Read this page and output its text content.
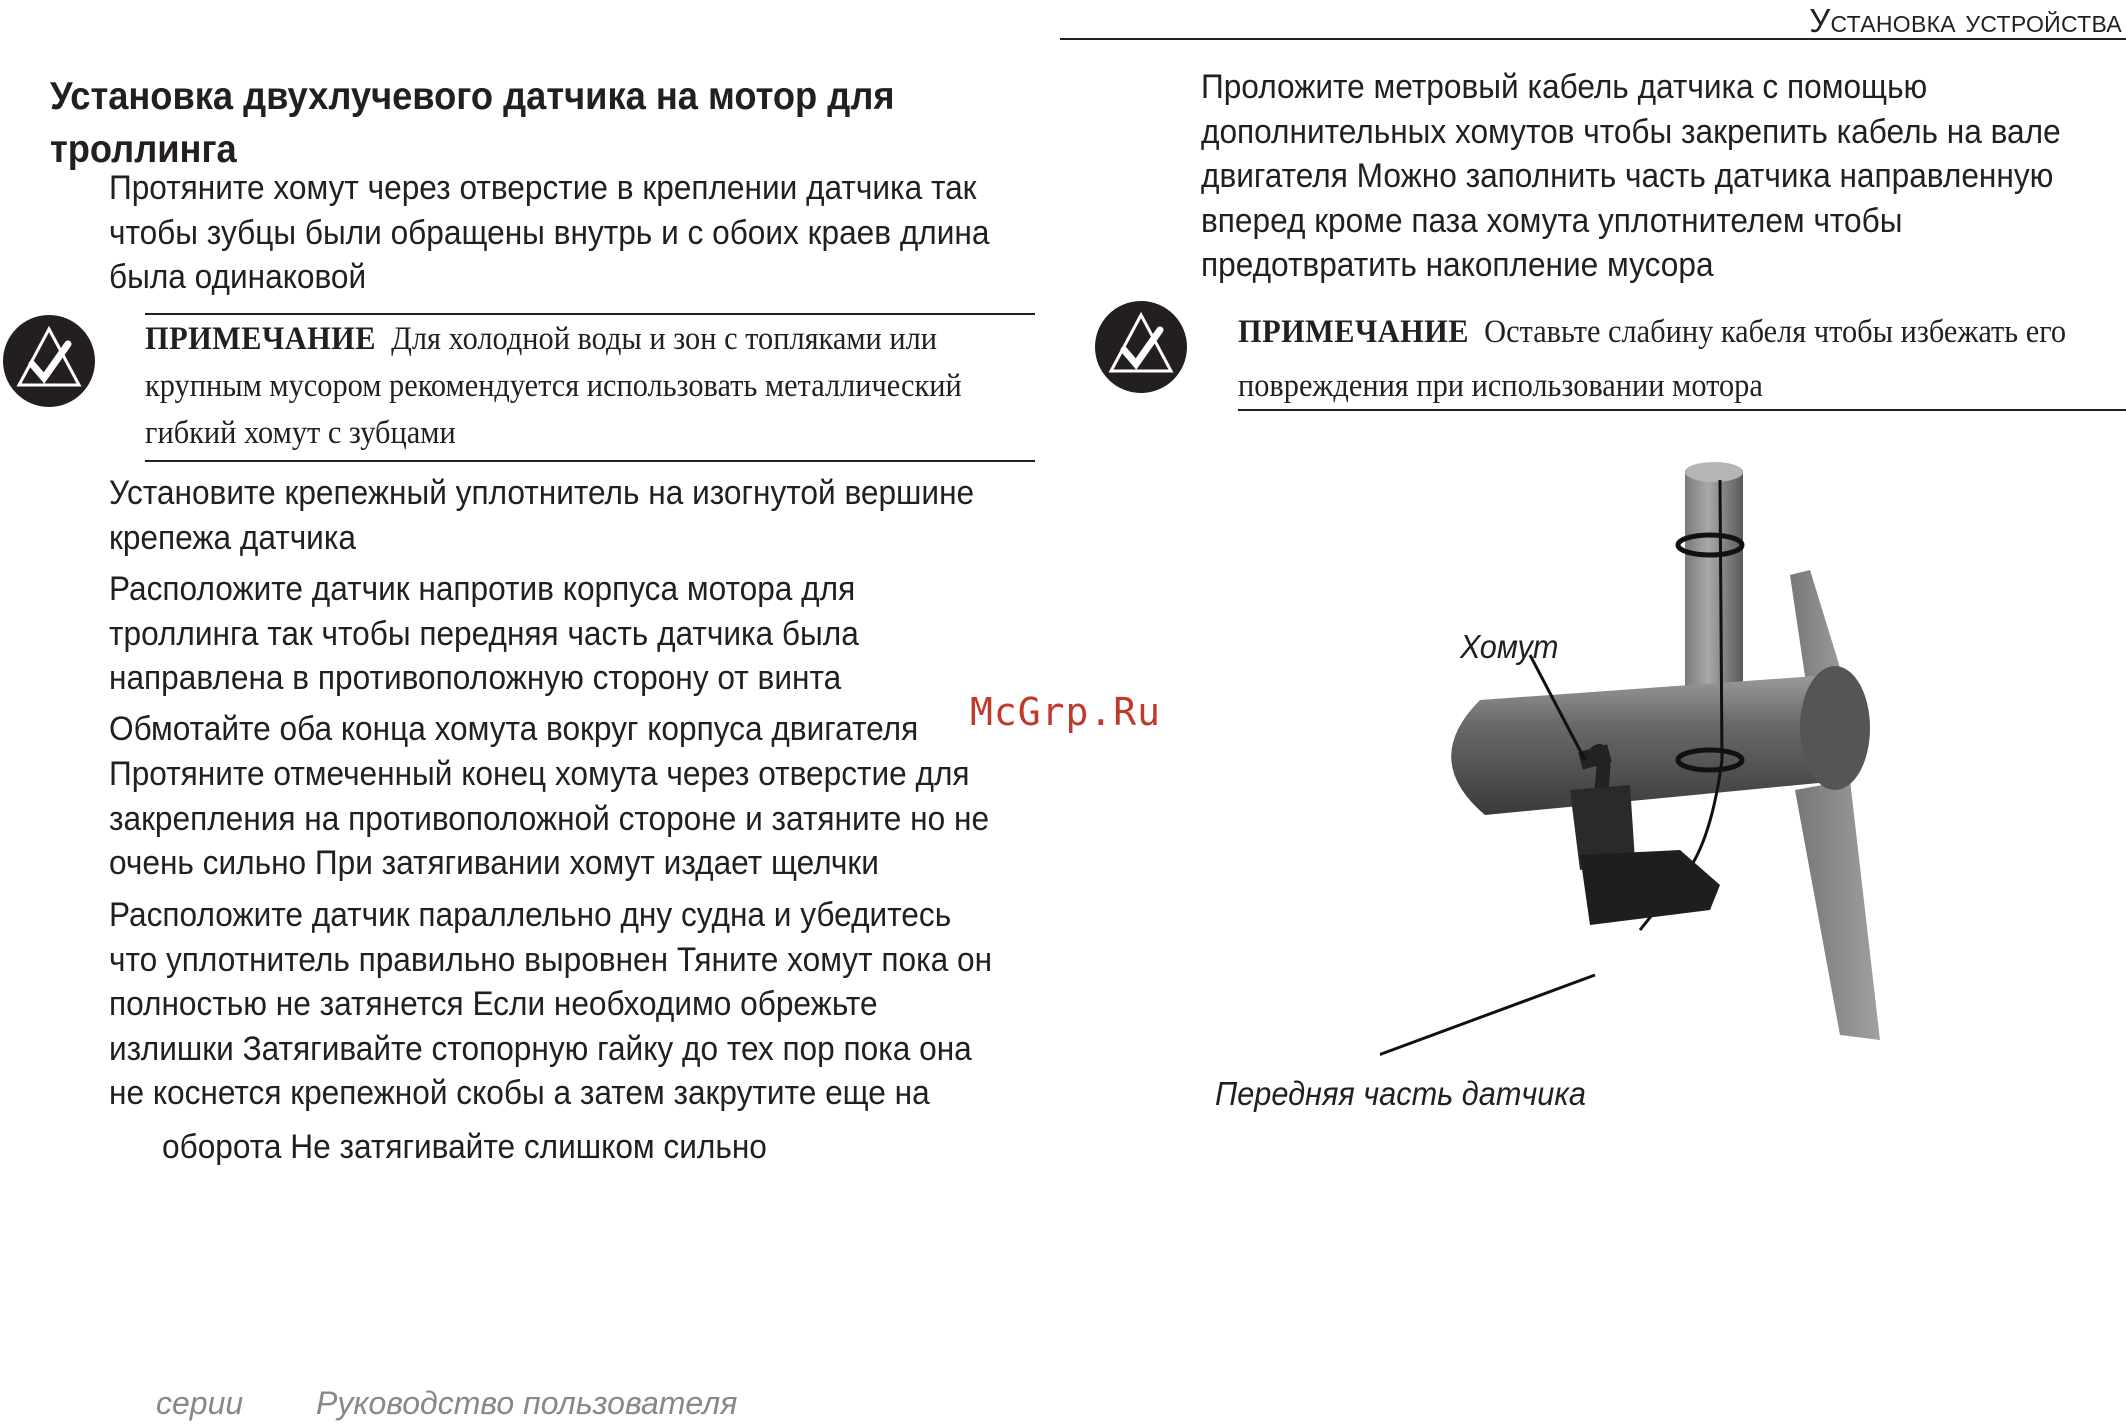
Установка устройства
Установка двухлучевого датчика на мотор для троллинга
Протяните хомут через отверстие в креплении датчика так чтобы зубцы были обращены внутрь и с обоих краев длина была одинаковой
ПРИМЕЧАНИЕ Для холодной воды и зон с топляками или крупным мусором рекомендуется использовать металлический гибкий хомут с зубцами
Установите крепежный уплотнитель на изогнутой вершине крепежа датчика
Расположите датчик напротив корпуса мотора для троллинга так чтобы передняя часть датчика была направлена в противоположную сторону от винта
Обмотайте оба конца хомута вокруг корпуса двигателя
Протяните отмеченный конец хомута через отверстие для закрепления на противоположной стороне и затяните но не очень сильно При затягивании хомут издает щелчки
Расположите датчик параллельно дну судна и убедитесь что уплотнитель правильно выровнен Тяните хомут пока он полностью не затянется Если необходимо обрежьте излишки Затягивайте стопорную гайку до тех пор пока она не коснется крепежной скобы а затем закрутите еще на
оборота Не затягивайте слишком сильно
Проложите метровый кабель датчика с помощью дополнительных хомутов чтобы закрепить кабель на вале двигателя Можно заполнить часть датчика направленную вперед кроме паза хомута уплотнителем чтобы предотвратить накопление мусора
ПРИМЕЧАНИЕ Оставьте слабину кабеля чтобы избежать его повреждения при использовании мотора
Хомут
Передняя часть датчика
McGrp.Ru
серии Руководство пользователя
